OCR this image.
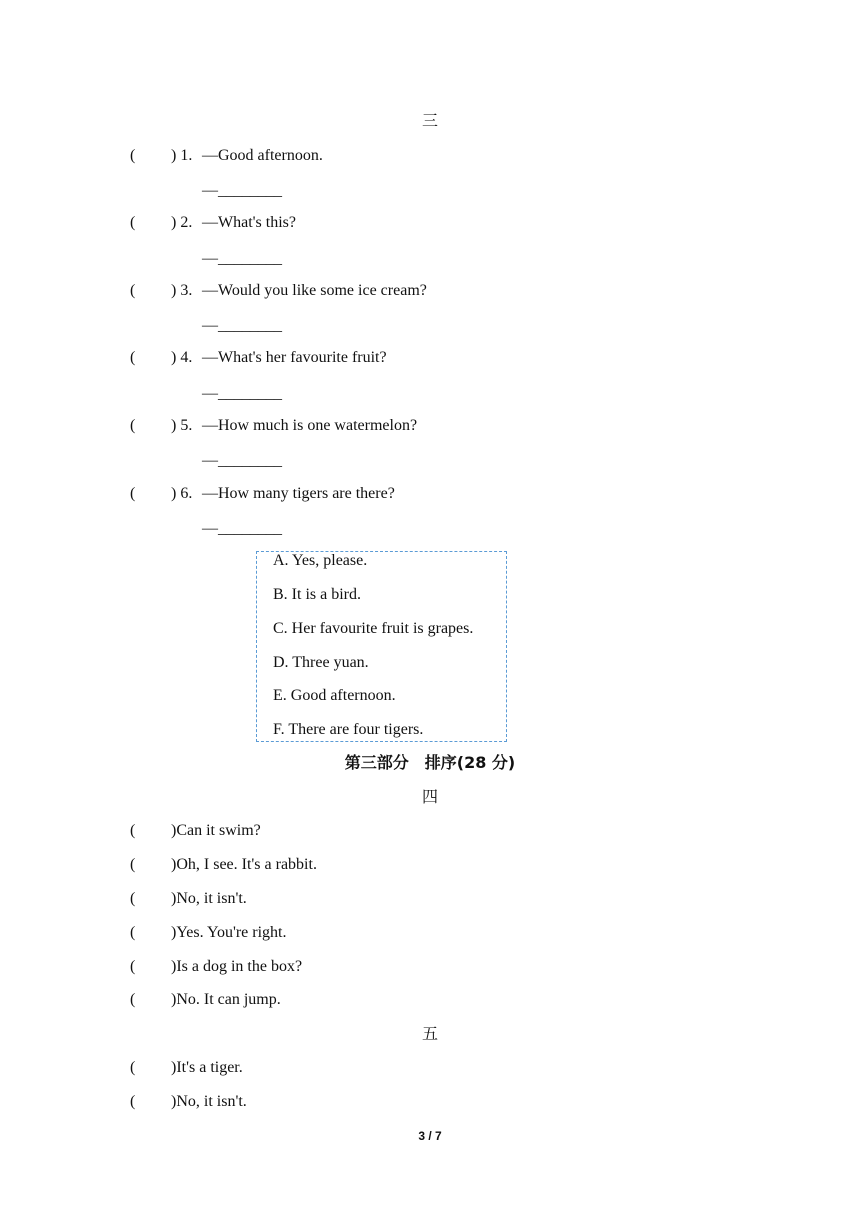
三
( ) 1. —Good afternoon.
—________
( ) 2. —What's this?
—________
( ) 3. —Would you like some ice cream?
—________
( ) 4. —What's her favourite fruit?
—________
( ) 5. —How much is one watermelon?
—________
( ) 6. —How many tigers are there?
—________
A. Yes, please.
B. It is a bird.
C. Her favourite fruit is grapes.
D. Three yuan.
E. Good afternoon.
F. There are four tigers.
第三部分　排序(28 分)
四
( )Can it swim?
( )Oh, I see. It's a rabbit.
( )No, it isn't.
( )Yes. You're right.
( )Is a dog in the box?
( )No. It can jump.
五
( )It's a tiger.
( )No, it isn't.
3 / 7
